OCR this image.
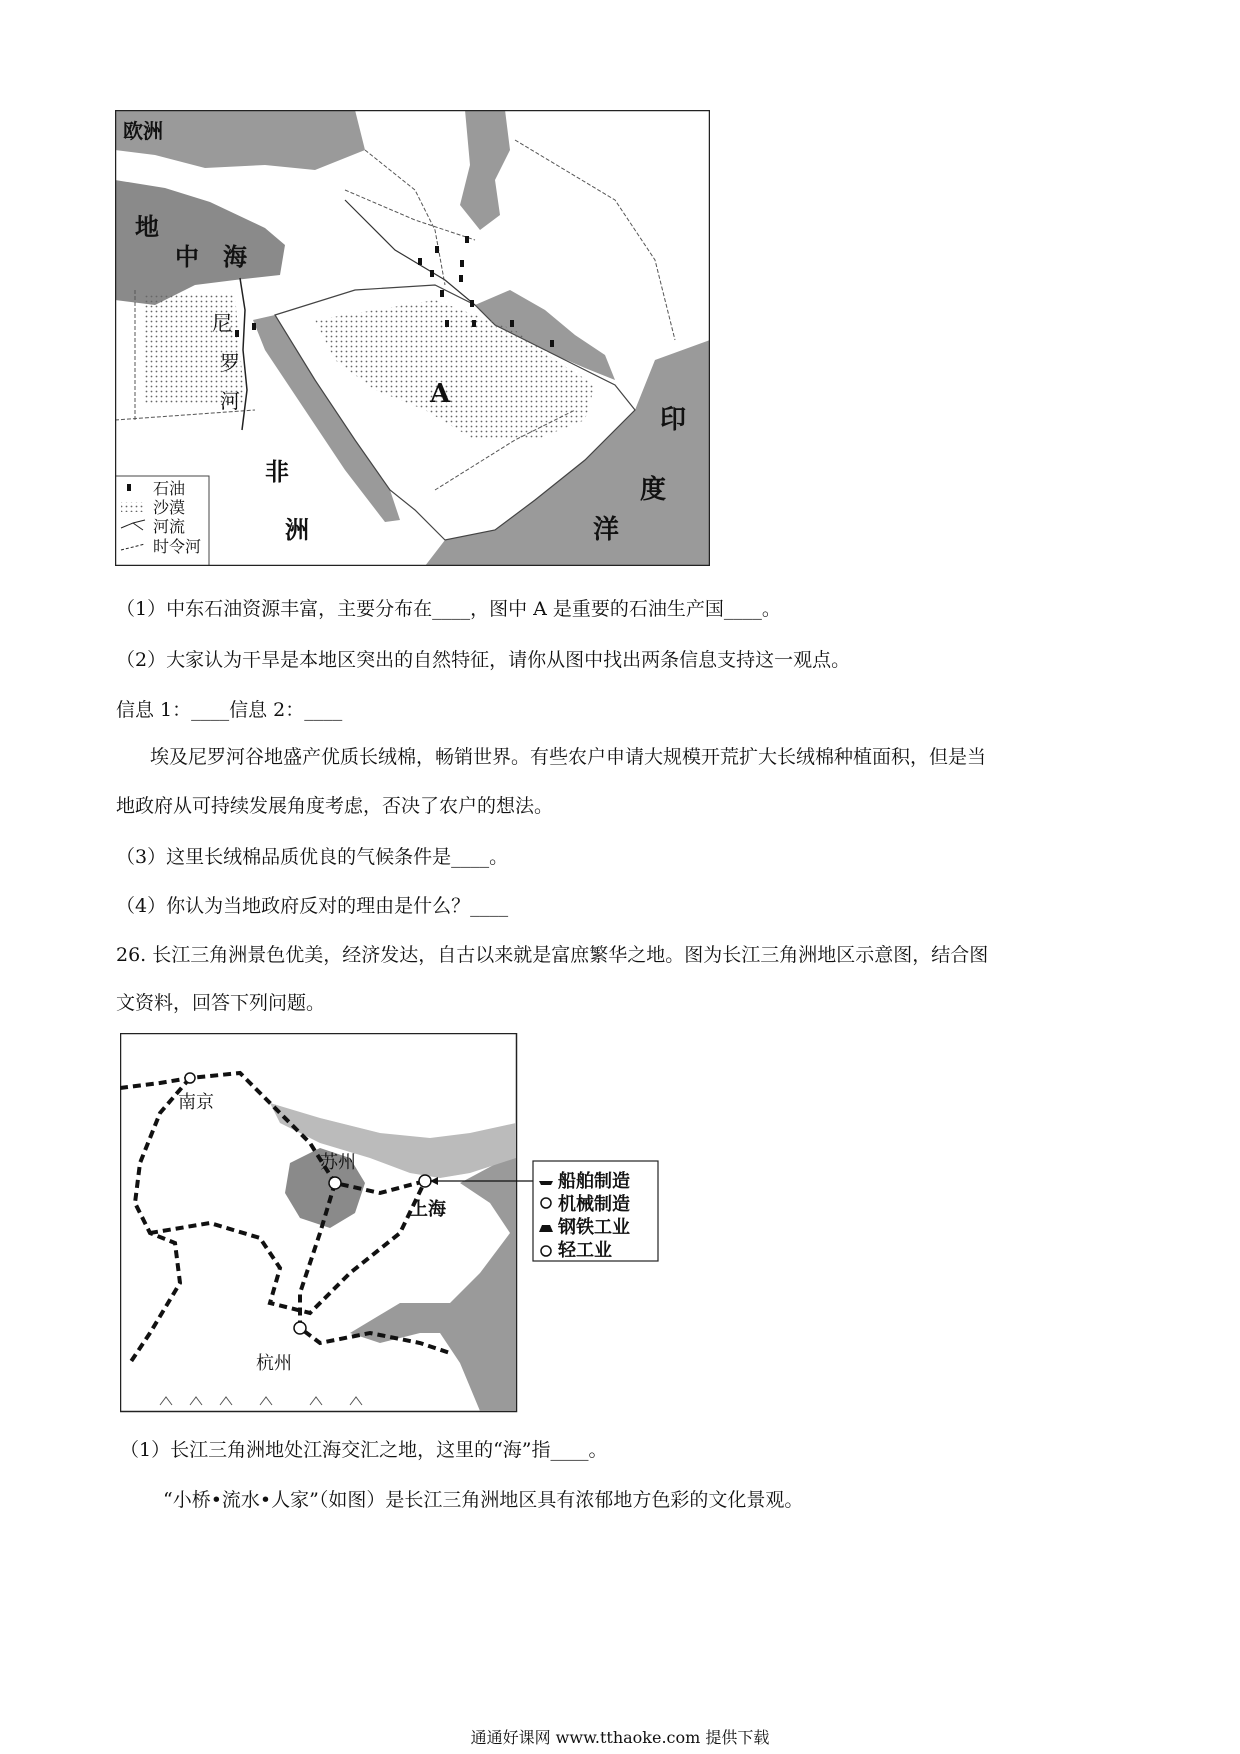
欧洲
地
中 海
尼
罗
河
非
洲
A
印
度
洋
石油
沙漠
河流
时令河
（1）中东石油资源丰富，主要分布在____，图中 A 是重要的石油生产国____。
（2）大家认为干旱是本地区突出的自然特征，请你从图中找出两条信息支持这一观点。
信息 1：____信息 2：____
埃及尼罗河谷地盛产优质长绒棉，畅销世界。有些农户申请大规模开荒扩大长绒棉种植面积，但是当
地政府从可持续发展角度考虑，否决了农户的想法。
（3）这里长绒棉品质优良的气候条件是____。
（4）你认为当地政府反对的理由是什么？____
26. 长江三角洲景色优美，经济发达，自古以来就是富庶繁华之地。图为长江三角洲地区示意图，结合图
文资料，回答下列问题。
南京
苏州
上海
杭州
船舶制造
机械制造
钢铁工业
轻工业
（1）长江三角洲地处江海交汇之地，这里的“海”指____。
“小桥•流水•人家”（如图）是长江三角洲地区具有浓郁地方色彩的文化景观。
通通好课网 www.tthaoke.com 提供下载
